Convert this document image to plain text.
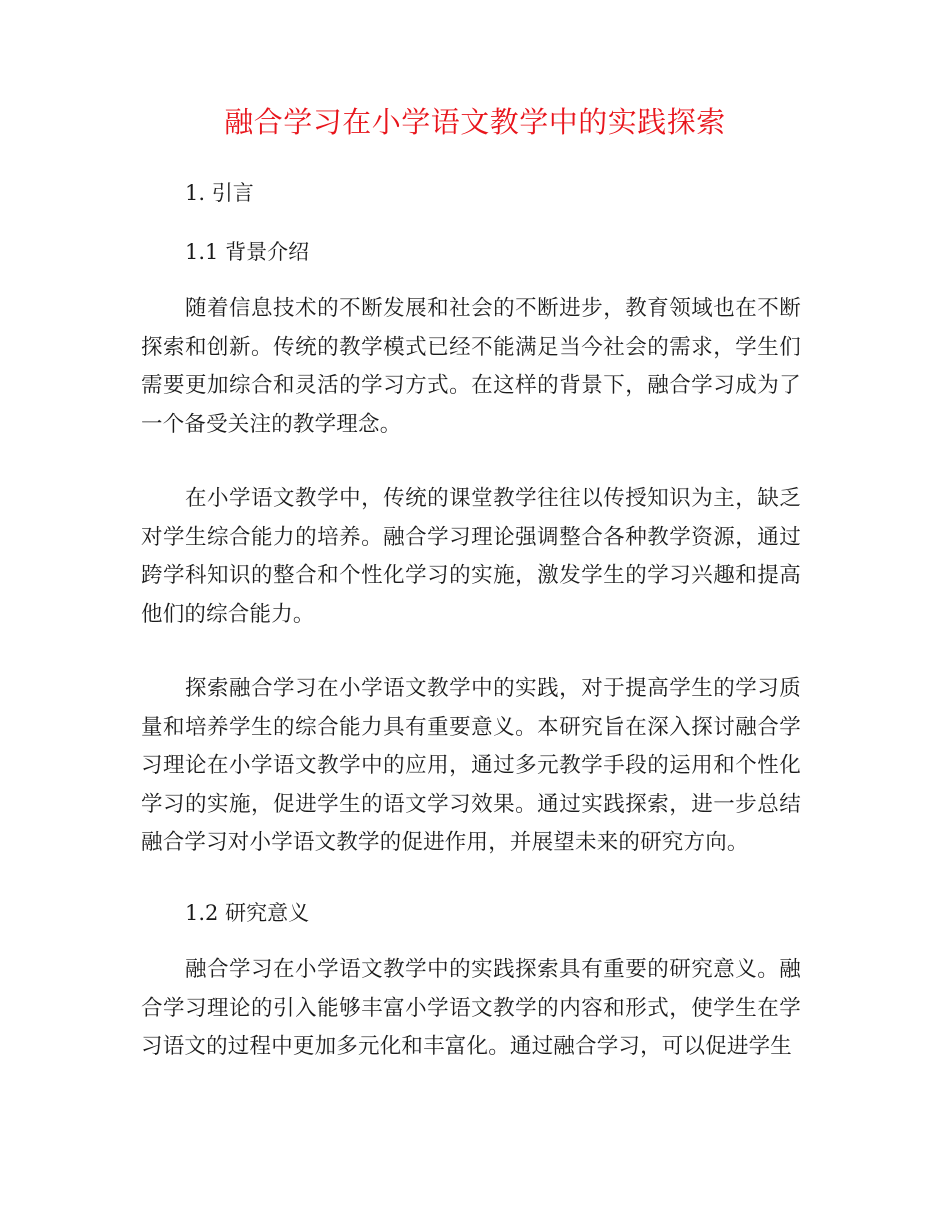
融合学习在小学语文教学中的实践探索
1. 引言
1.1 背景介绍
随着信息技术的不断发展和社会的不断进步，教育领域也在不断探索和创新。传统的教学模式已经不能满足当今社会的需求，学生们需要更加综合和灵活的学习方式。在这样的背景下，融合学习成为了一个备受关注的教学理念。
在小学语文教学中，传统的课堂教学往往以传授知识为主，缺乏对学生综合能力的培养。融合学习理论强调整合各种教学资源，通过跨学科知识的整合和个性化学习的实施，激发学生的学习兴趣和提高他们的综合能力。
探索融合学习在小学语文教学中的实践，对于提高学生的学习质量和培养学生的综合能力具有重要意义。本研究旨在深入探讨融合学习理论在小学语文教学中的应用，通过多元教学手段的运用和个性化学习的实施，促进学生的语文学习效果。通过实践探索，进一步总结融合学习对小学语文教学的促进作用，并展望未来的研究方向。
1.2 研究意义
融合学习在小学语文教学中的实践探索具有重要的研究意义。融合学习理论的引入能够丰富小学语文教学的内容和形式，使学生在学习语文的过程中更加多元化和丰富化。通过融合学习，可以促进学生
